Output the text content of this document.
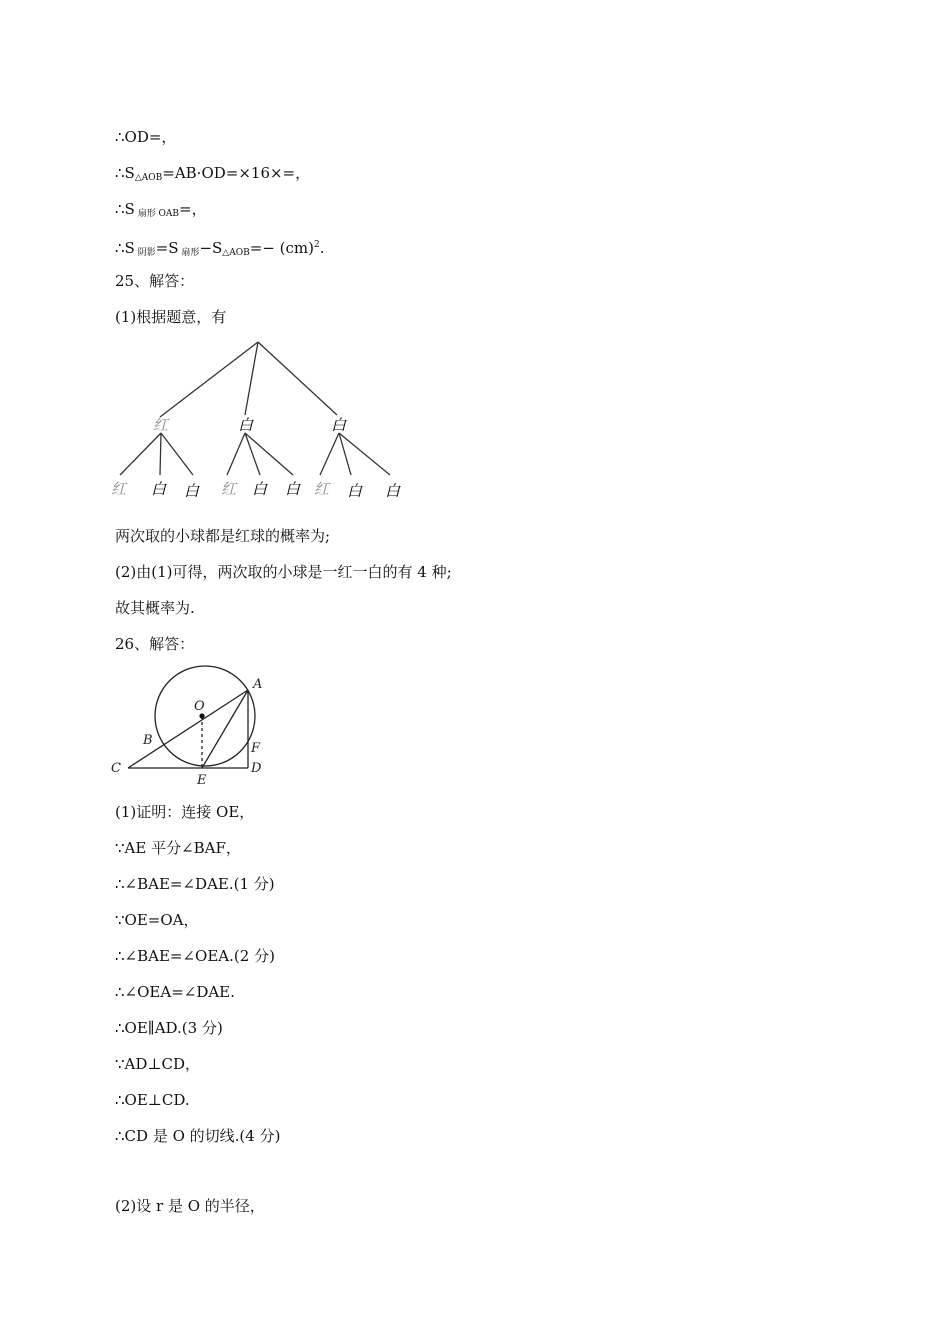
∴OD=，
$\therefore S_{\triangle AOB}=AB\cdot OD=\times 16\times=$，
∴S $_{扇形 OAB}$=，
∴S $_{阴影}$=S $_{扇形}-S_{\triangle AOB}=- (cm)^2$.
25、解答：
(1)根据题意，有
红	白	白
红 白 白 红 白 白 红 白 白
两次取的小球都是红球的概率为;
(2)由(1)可得，两次取的小球是一红一白的有 4 种;
故其概率为.
26、解答：
A
O
B
F
C
E
D
(1)证明：连接 OE，
∵AE 平分∠BAF，
∴∠BAE=∠DAE.(1 分)
∵OE=OA，
∴∠BAE=∠OEA.(2 分)
∴∠OEA=∠DAE.
∴OE∥AD.(3 分)
∵AD⊥CD，
∴OE⊥CD.
∴CD 是 O 的切线.(4 分)
(2)设 r 是 O 的半径，
